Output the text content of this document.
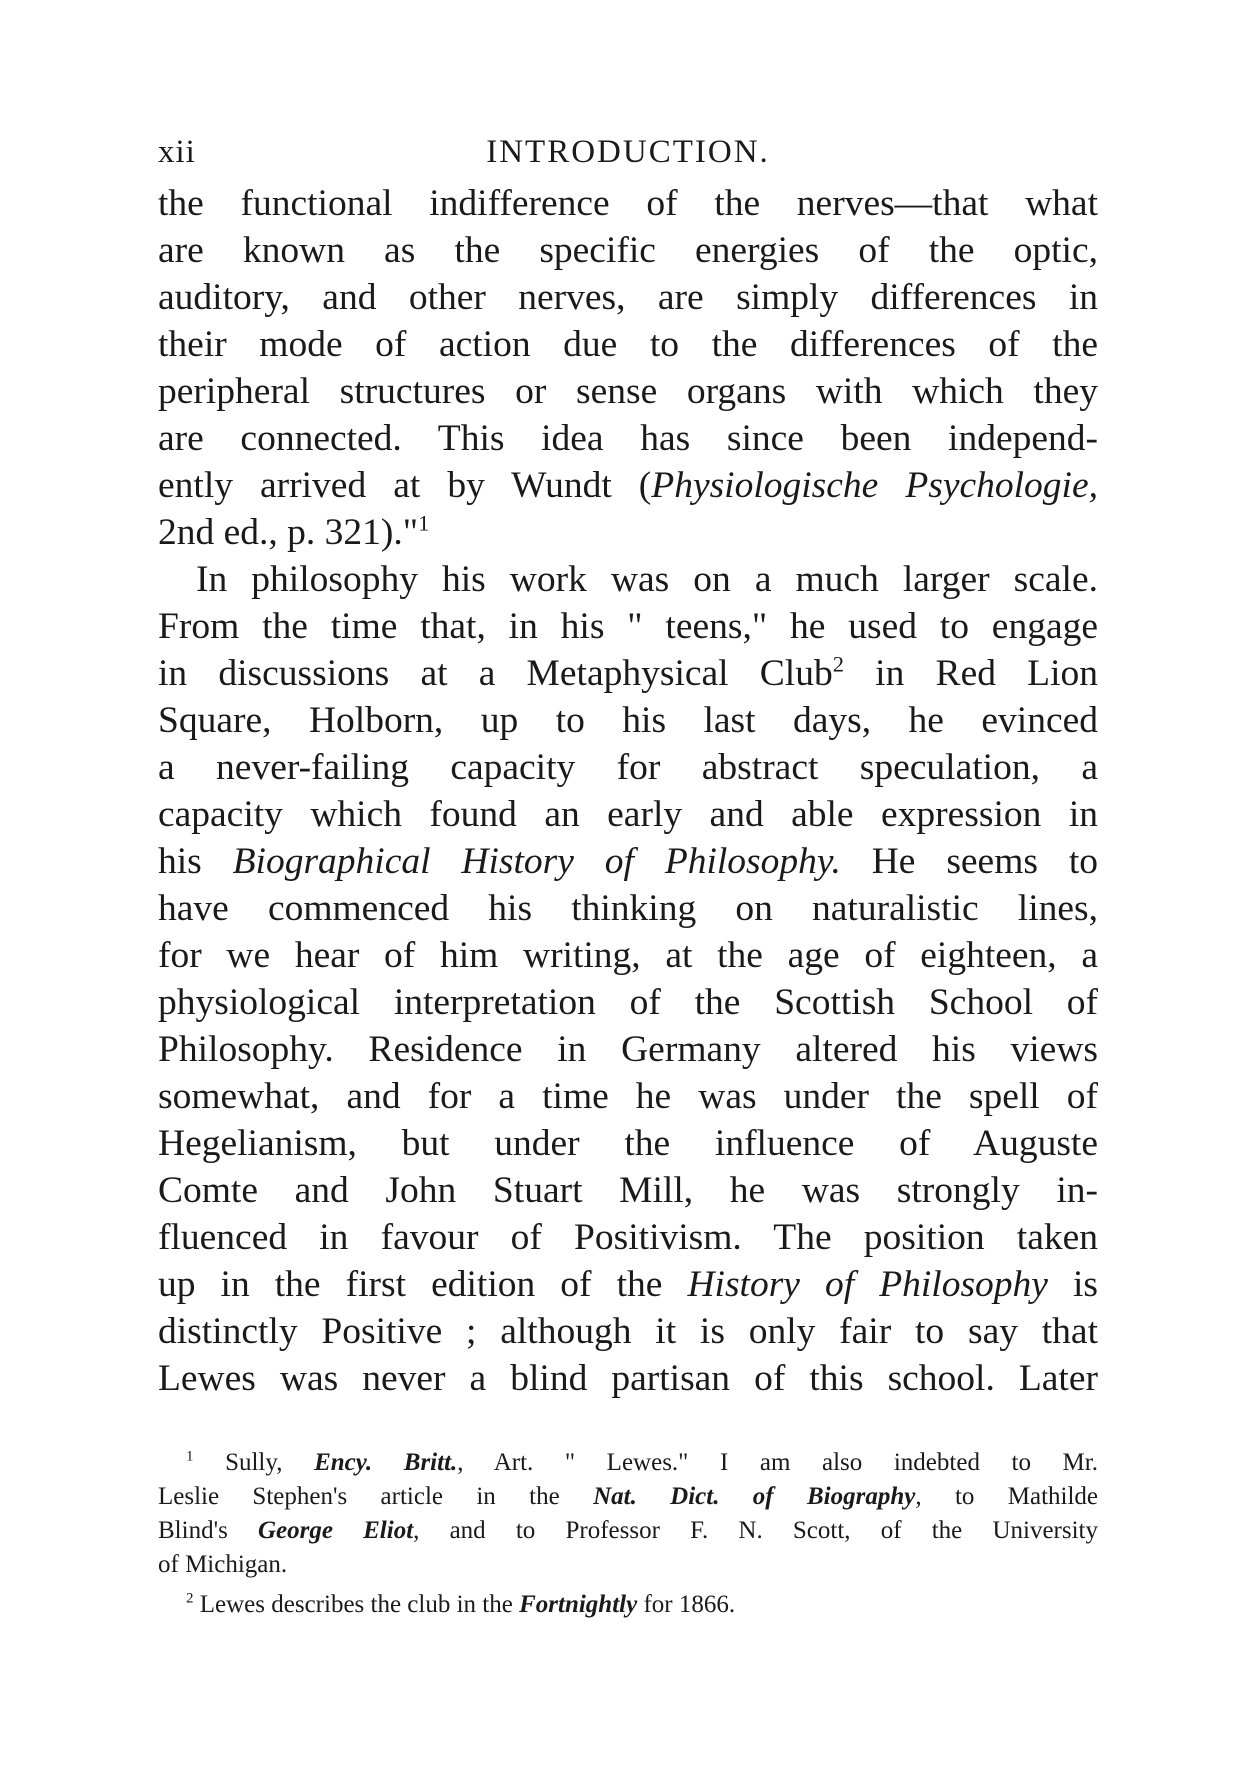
xii	INTRODUCTION.

the functional indifference of the nerves—that what
are known as the specific energies of the optic,
auditory, and other nerves, are simply differences in
their mode of action due to the differences of the
peripheral structures or sense organs with which they
are connected. This idea has since been independ-
ently arrived at by Wundt (Physiologische Psychologie,
2nd ed., p. 321)."$^1$

In philosophy his work was on a much larger scale.
From the time that, in his " teens," he used to engage
in discussions at a Metaphysical Club$^2$ in Red Lion
Square, Holborn, up to his last days, he evinced
a never-failing capacity for abstract speculation, a
capacity which found an early and able expression in
his Biographical History of Philosophy. He seems to
have commenced his thinking on naturalistic lines,
for we hear of him writing, at the age of eighteen, a
physiological interpretation of the Scottish School of
Philosophy. Residence in Germany altered his views
somewhat, and for a time he was under the spell of
Hegelianism, but under the influence of Auguste
Comte and John Stuart Mill, he was strongly in-
fluenced in favour of Positivism. The position taken
up in the first edition of the History of Philosophy is
distinctly Positive ; although it is only fair to say that
Lewes was never a blind partisan of this school. Later

$^1$ Sully, Ency. Britt., Art. " Lewes." I am also indebted to Mr.
Leslie Stephen's article in the Nat. Dict. of Biography, to Mathilde
Blind's George Eliot, and to Professor F. N. Scott, of the University
of Michigan.

$^2$ Lewes describes the club in the Fortnightly for 1866.
